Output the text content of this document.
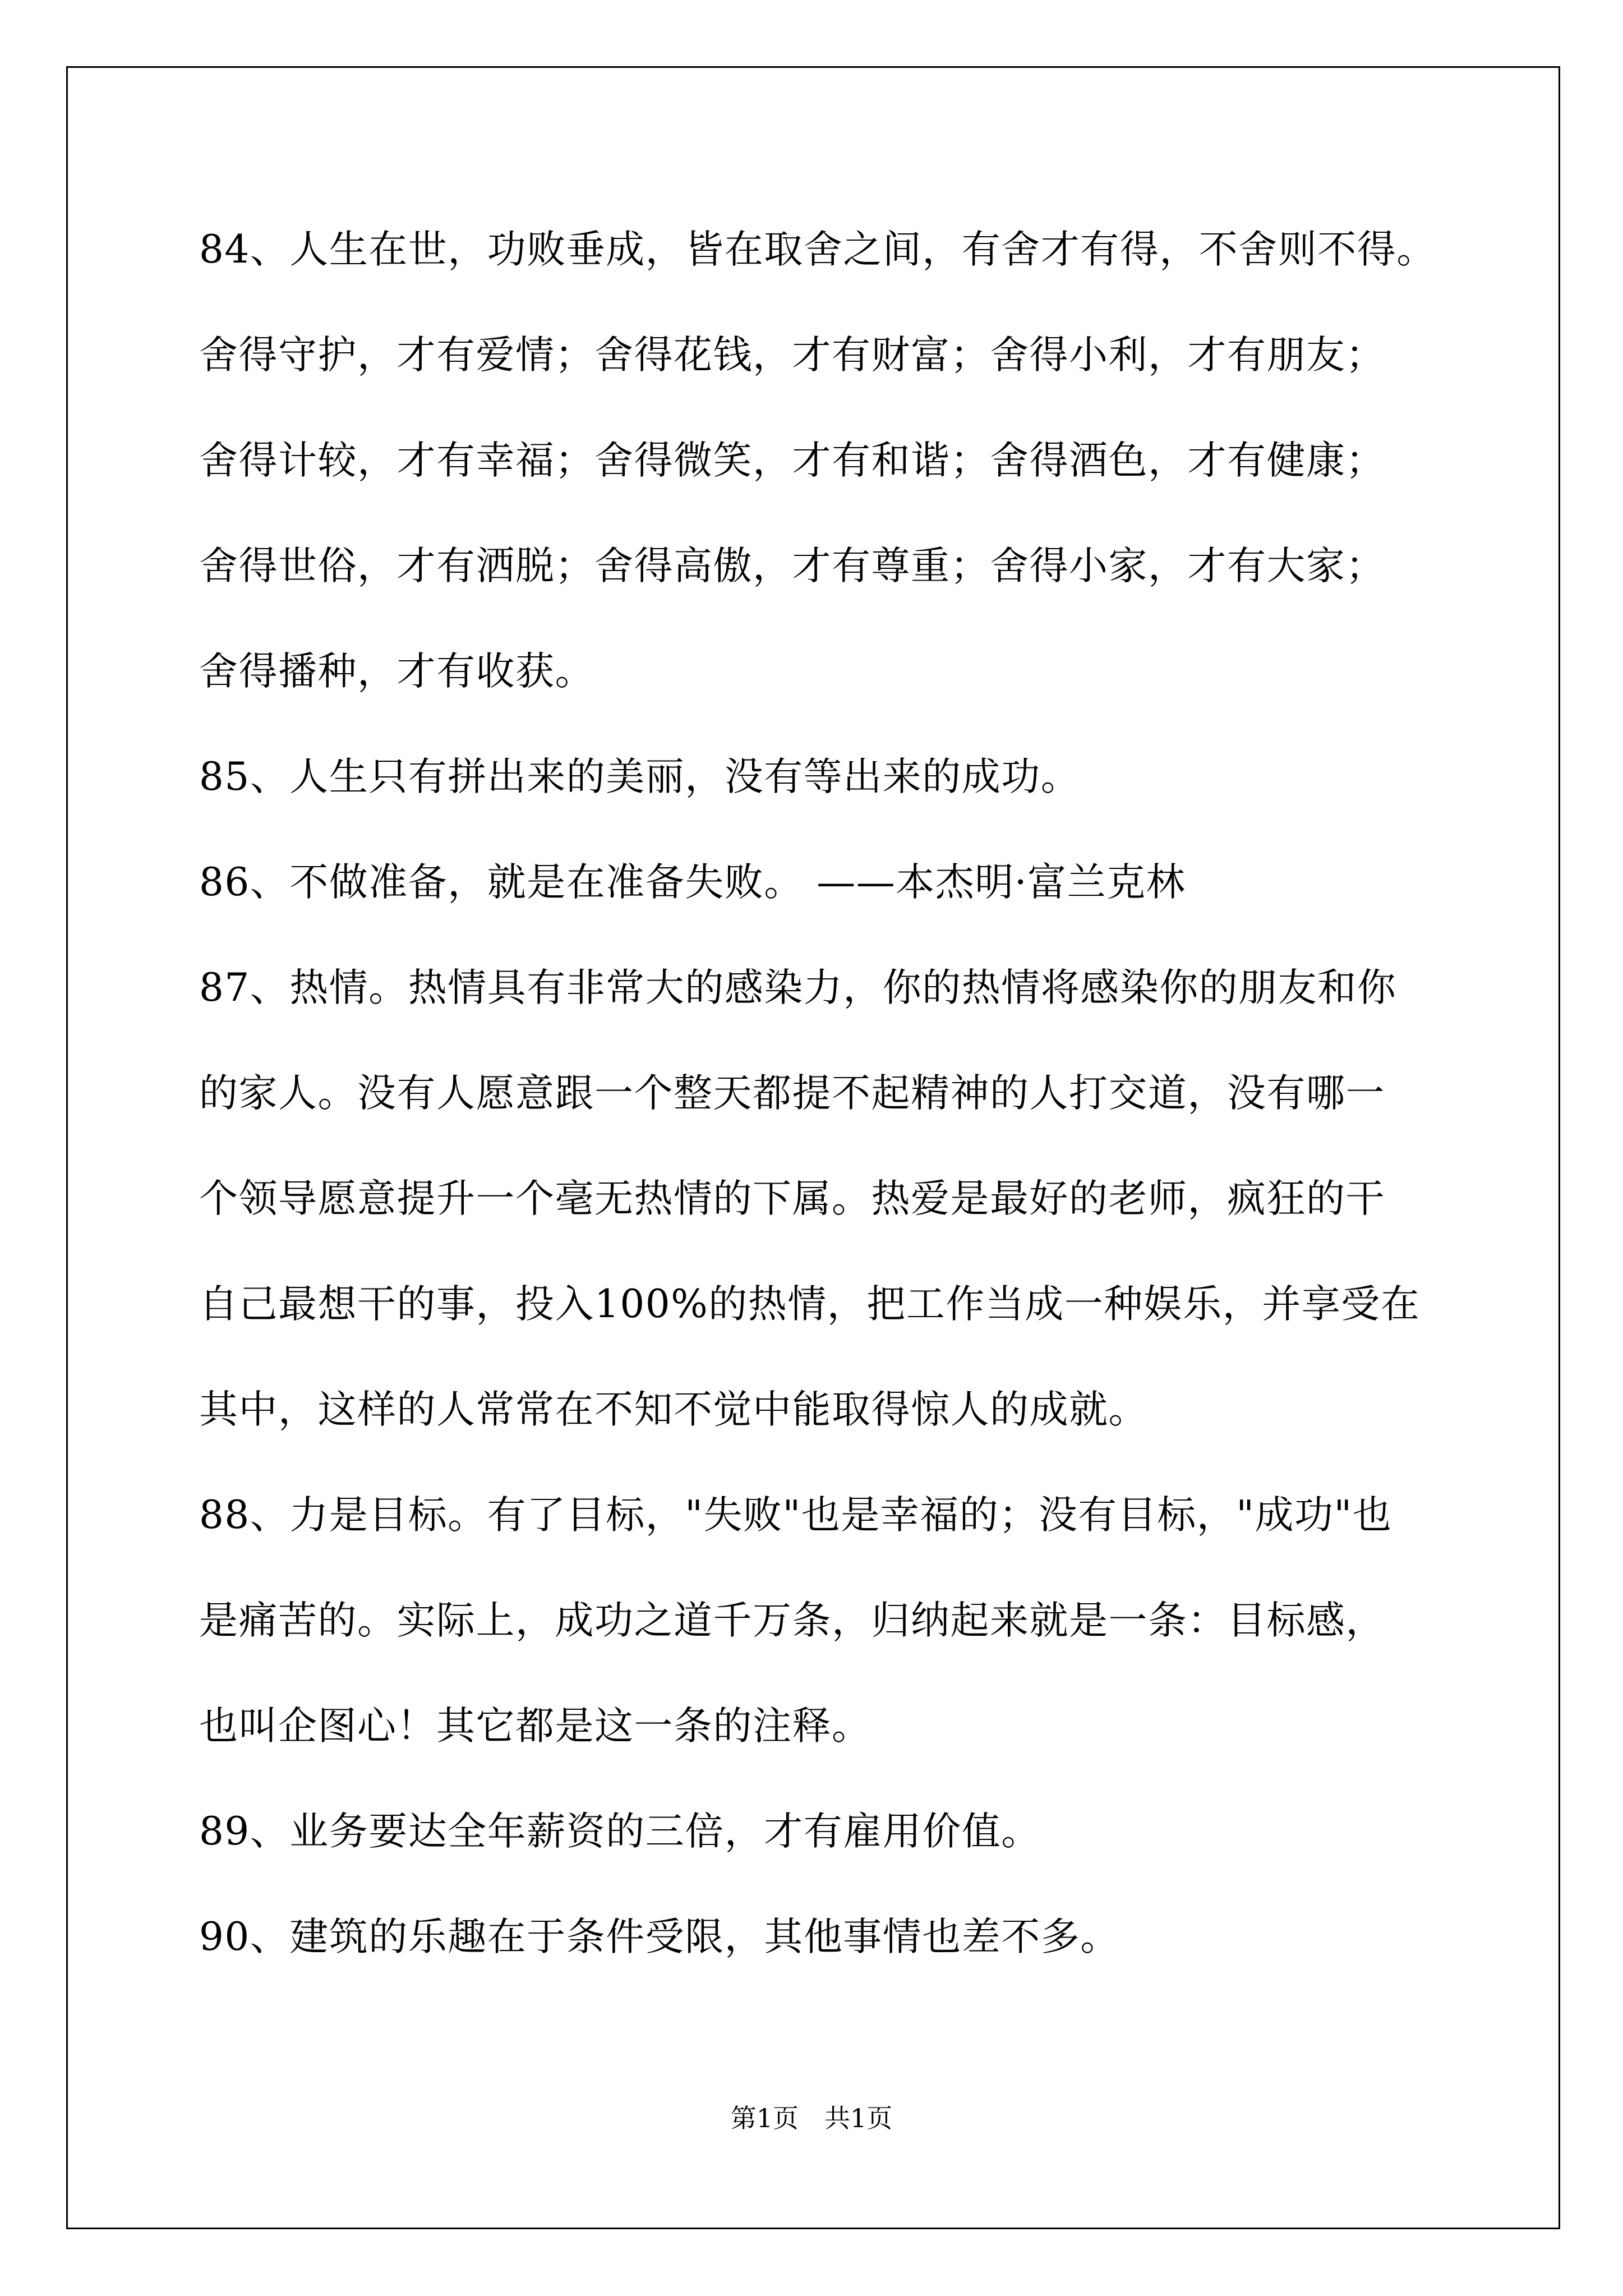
84、人生在世，功败垂成，皆在取舍之间，有舍才有得，不舍则不得。
舍得守护，才有爱情；舍得花钱，才有财富；舍得小利，才有朋友；
舍得计较，才有幸福；舍得微笑，才有和谐；舍得酒色，才有健康；
舍得世俗，才有洒脱；舍得高傲，才有尊重；舍得小家，才有大家；
舍得播种，才有收获。
85、人生只有拼出来的美丽，没有等出来的成功。
86、不做准备，就是在准备失败。 ——本杰明·富兰克林
87、热情。热情具有非常大的感染力，你的热情将感染你的朋友和你
的家人。没有人愿意跟一个整天都提不起精神的人打交道，没有哪一
个领导愿意提升一个毫无热情的下属。热爱是最好的老师，疯狂的干
自己最想干的事，投入100%的热情，把工作当成一种娱乐，并享受在
其中，这样的人常常在不知不觉中能取得惊人的成就。
88、力是目标。有了目标，"失败"也是幸福的；没有目标，"成功"也
是痛苦的。实际上，成功之道千万条，归纳起来就是一条：目标感，
也叫企图心！其它都是这一条的注释。
89、业务要达全年薪资的三倍，才有雇用价值。
90、建筑的乐趣在于条件受限，其他事情也差不多。
第1页　共1页
